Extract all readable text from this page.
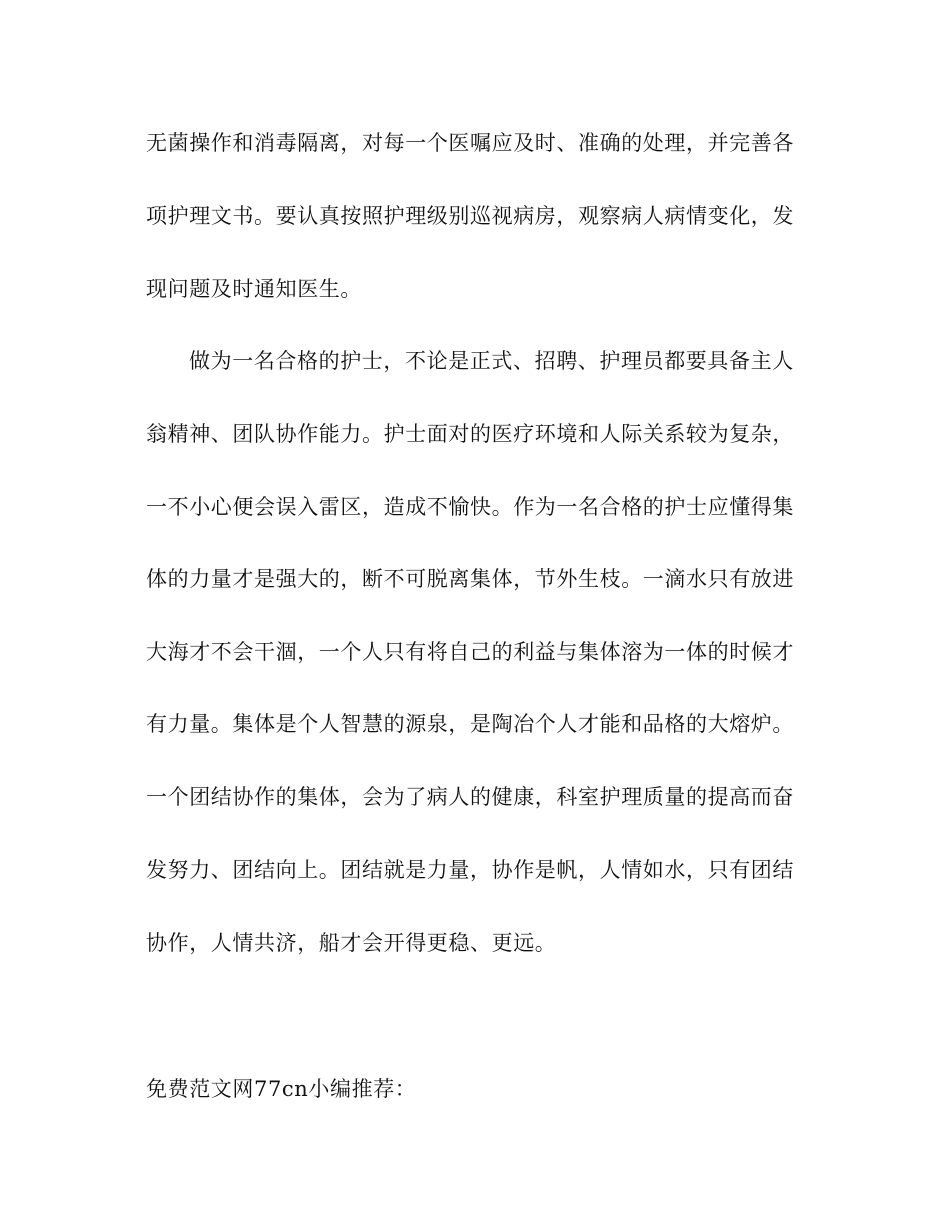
无菌操作和消毒隔离，对每一个医嘱应及时、准确的处理，并完善各
项护理文书。要认真按照护理级别巡视病房，观察病人病情变化，发
现问题及时通知医生。
做为一名合格的护士，不论是正式、招聘、护理员都要具备主人
翁精神、团队协作能力。护士面对的医疗环境和人际关系较为复杂，
一不小心便会误入雷区，造成不愉快。作为一名合格的护士应懂得集
体的力量才是强大的，断不可脱离集体，节外生枝。一滴水只有放进
大海才不会干涸，一个人只有将自己的利益与集体溶为一体的时候才
有力量。集体是个人智慧的源泉，是陶冶个人才能和品格的大熔炉。
一个团结协作的集体，会为了病人的健康，科室护理质量的提高而奋
发努力、团结向上。团结就是力量，协作是帆，人情如水，只有团结
协作，人情共济，船才会开得更稳、更远。
免费范文网77cn小编推荐：
